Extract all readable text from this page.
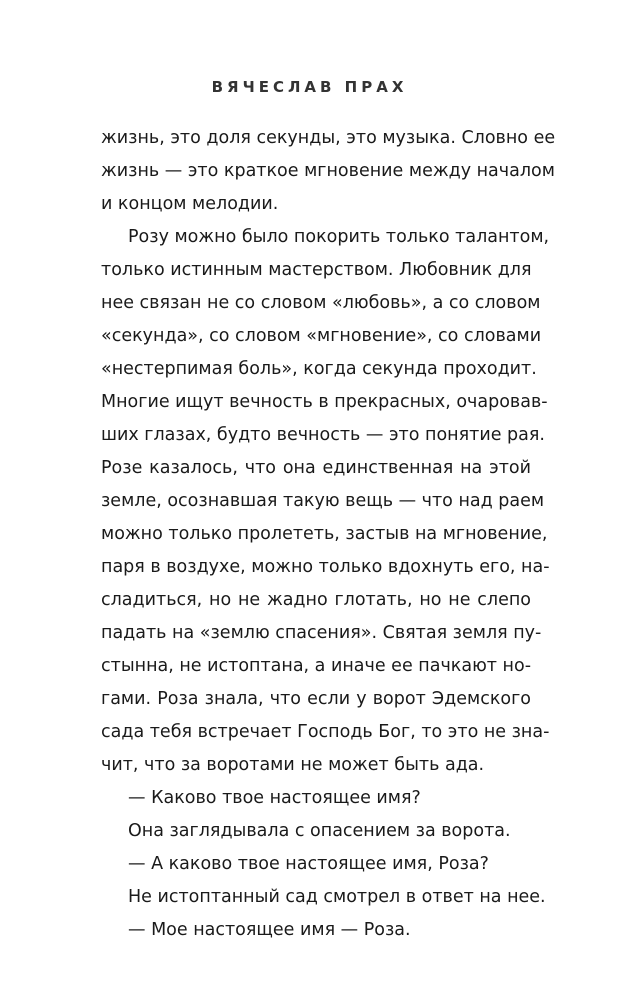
ВЯЧЕСЛАВ ПРАХ
жизнь, это доля секунды, это музыка. Словно ее
жизнь — это краткое мгновение между началом
и концом мелодии.
Розу можно было покорить только талантом,
только истинным мастерством. Любовник для
нее связан не со словом «любовь», а со словом
«секунда», со словом «мгновение», со словами
«нестерпимая боль», когда секунда проходит.
Многие ищут вечность в прекрасных, очаровав-
ших глазах, будто вечность — это понятие рая.
Розе казалось, что она единственная на этой
земле, осознавшая такую вещь — что над раем
можно только пролететь, застыв на мгновение,
паря в воздухе, можно только вдохнуть его, на-
сладиться, но не жадно глотать, но не слепо
падать на «землю спасения». Святая земля пу-
стынна, не истоптана, а иначе ее пачкают но-
гами. Роза знала, что если у ворот Эдемского
сада тебя встречает Господь Бог, то это не зна-
чит, что за воротами не может быть ада.
— Каково твое настоящее имя?
Она заглядывала с опасением за ворота.
— А каково твое настоящее имя, Роза?
Не истоптанный сад смотрел в ответ на нее.
— Мое настоящее имя — Роза.
